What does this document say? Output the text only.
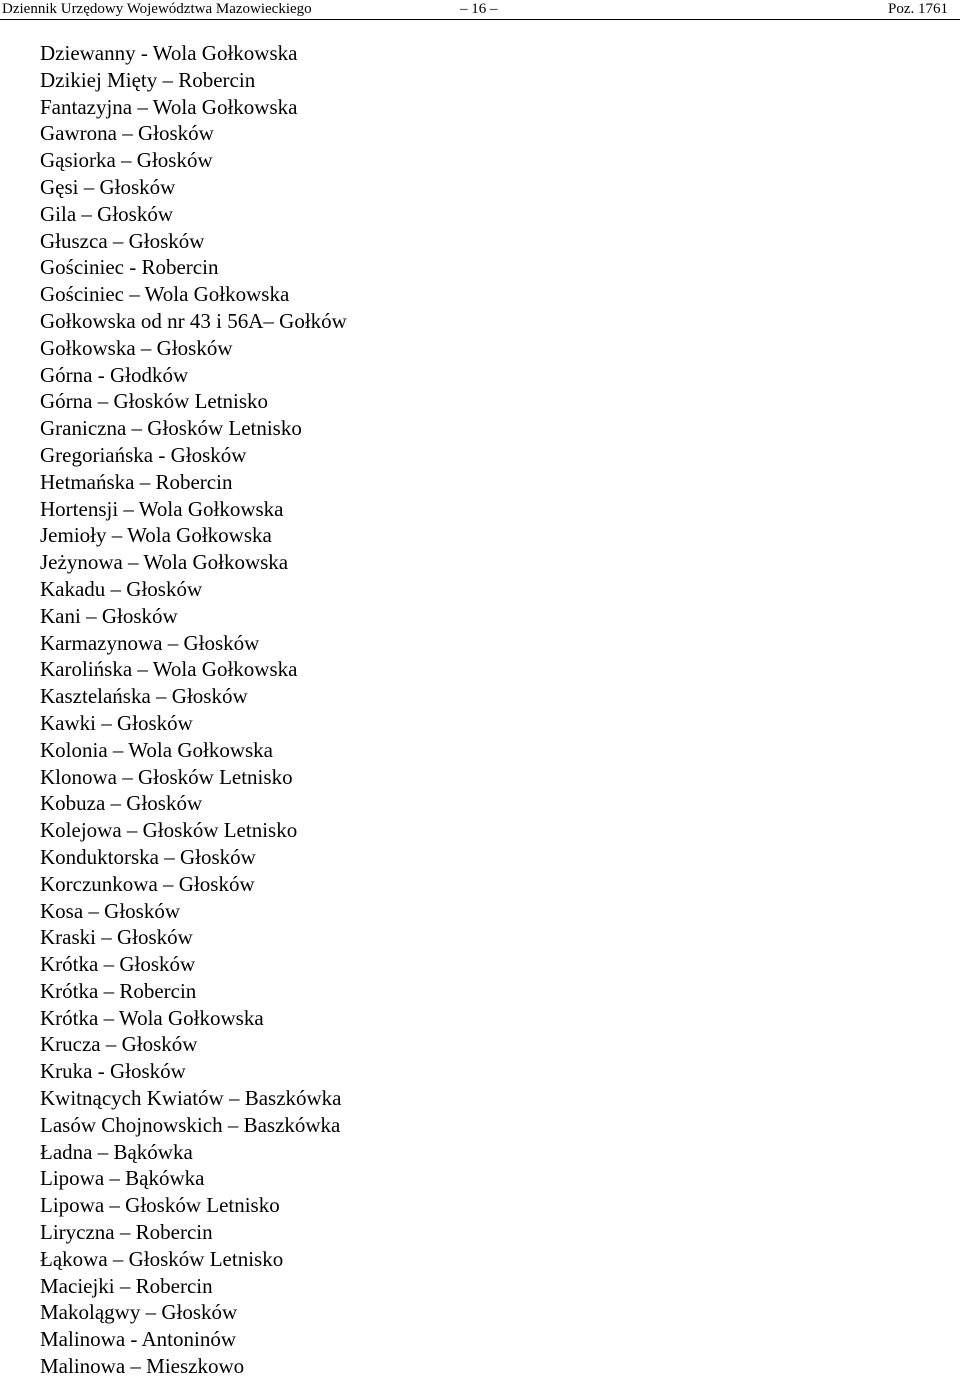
Dziennik Urzędowy Województwa Mazowieckiego	– 16 –	Poz. 1761
Dziewanny - Wola Gołkowska
Dzikiej Mięty – Robercin
Fantazyjna – Wola Gołkowska
Gawrona – Głosków
Gąsiorka – Głosków
Gęsi – Głosków
Gila – Głosków
Głuszca – Głosków
Gościniec - Robercin
Gościniec – Wola Gołkowska
Gołkowska od nr 43 i 56A– Gołków
Gołkowska – Głosków
Górna - Głodków
Górna – Głosków Letnisko
Graniczna – Głosków Letnisko
Gregoriańska - Głosków
Hetmańska – Robercin
Hortensji – Wola Gołkowska
Jemioły – Wola Gołkowska
Jeżynowa – Wola Gołkowska
Kakadu – Głosków
Kani – Głosków
Karmazynowa – Głosków
Karolińska – Wola Gołkowska
Kasztelańska – Głosków
Kawki – Głosków
Kolonia – Wola Gołkowska
Klonowa – Głosków Letnisko
Kobuza – Głosków
Kolejowa – Głosków Letnisko
Konduktorska – Głosków
Korczunkowa – Głosków
Kosa – Głosków
Kraski – Głosków
Krótka – Głosków
Krótka – Robercin
Krótka – Wola Gołkowska
Krucza – Głosków
Kruka - Głosków
Kwitnących Kwiatów – Baszkówka
Lasów Chojnowskich – Baszkówka
Ładna – Bąkówka
Lipowa – Bąkówka
Lipowa – Głosków Letnisko
Liryczna – Robercin
Łąkowa – Głosków Letnisko
Maciejki – Robercin
Makolągwy – Głosków
Malinowa - Antoninów
Malinowa – Mieszkowo
